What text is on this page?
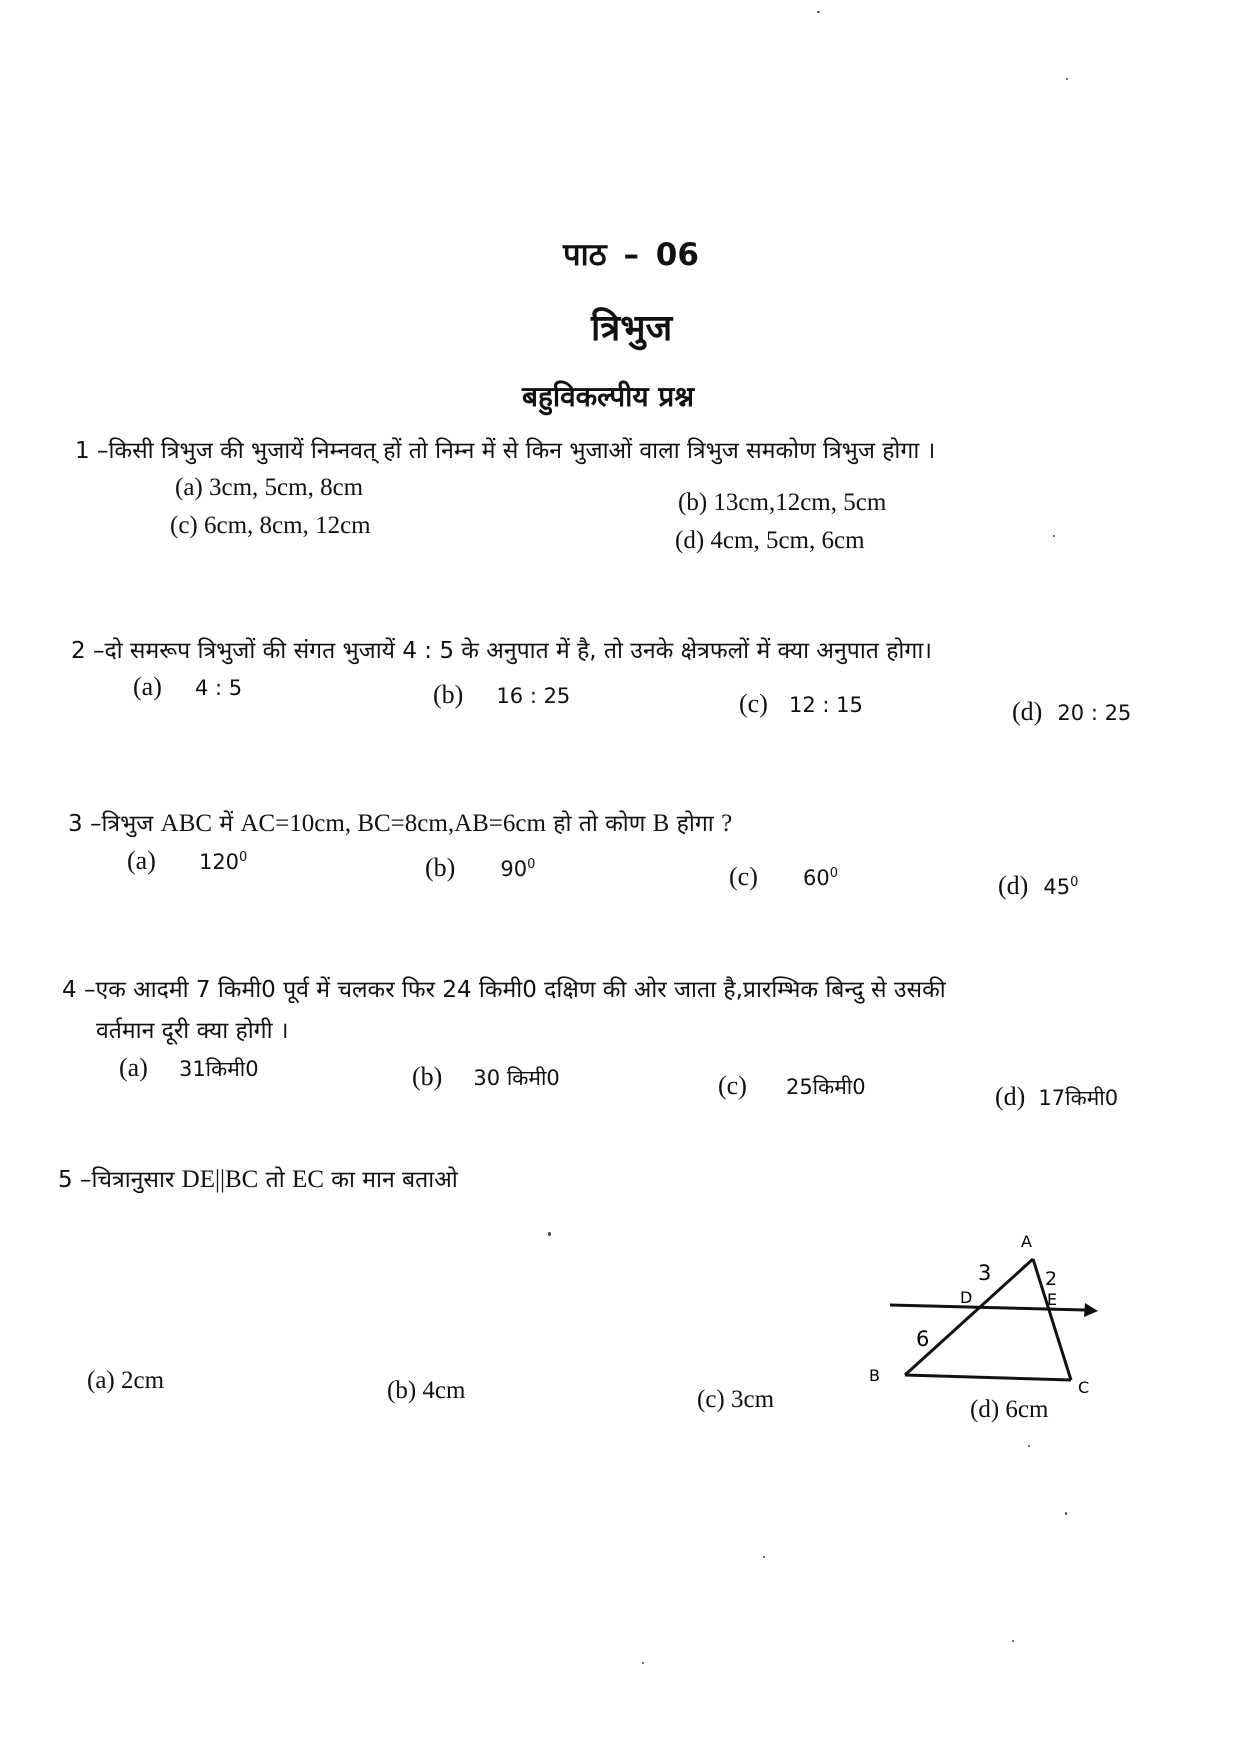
पाठ – 06
त्रिभुज
बहुविकल्पीय प्रश्न
1 –किसी त्रिभुज की भुजायें निम्नवत् हों तो निम्न में से किन भुजाओं वाला त्रिभुज समकोण त्रिभुज होगा ।
(a) 3cm, 5cm, 8cm
(b) 13cm,12cm, 5cm
(c) 6cm, 8cm, 12cm
(d) 4cm, 5cm, 6cm
2 –दो समरूप त्रिभुजों की संगत भुजायें 4 : 5 के अनुपात में है, तो उनके क्षेत्रफलों में क्या अनुपात होगा।
(a) 4 : 5	(b) 16 : 25	(c) 12 : 15	(d) 20 : 25
3 –त्रिभुज ABC में AC=10cm, BC=8cm,AB=6cm हो तो कोण B होगा ?
(a) $120^0$	(b) $90^0$	(c) $60^0$	(d) $45^0$
4 –एक आदमी 7 किमी0 पूर्व में चलकर फिर 24 किमी0 दक्षिण की ओर जाता है,प्रारम्भिक बिन्दु से उसकी
वर्तमान दूरी क्या होगी ।
(a) 31किमी0	(b) 30 किमी0	(c) 25किमी0	(d) 17किमी0
5 –चित्रानुसार DE||BC तो EC का मान बताओ
A
B
C
D	E
3	2
6
(a) 2cm	(b) 4cm	(c) 3cm	(d) 6cm
